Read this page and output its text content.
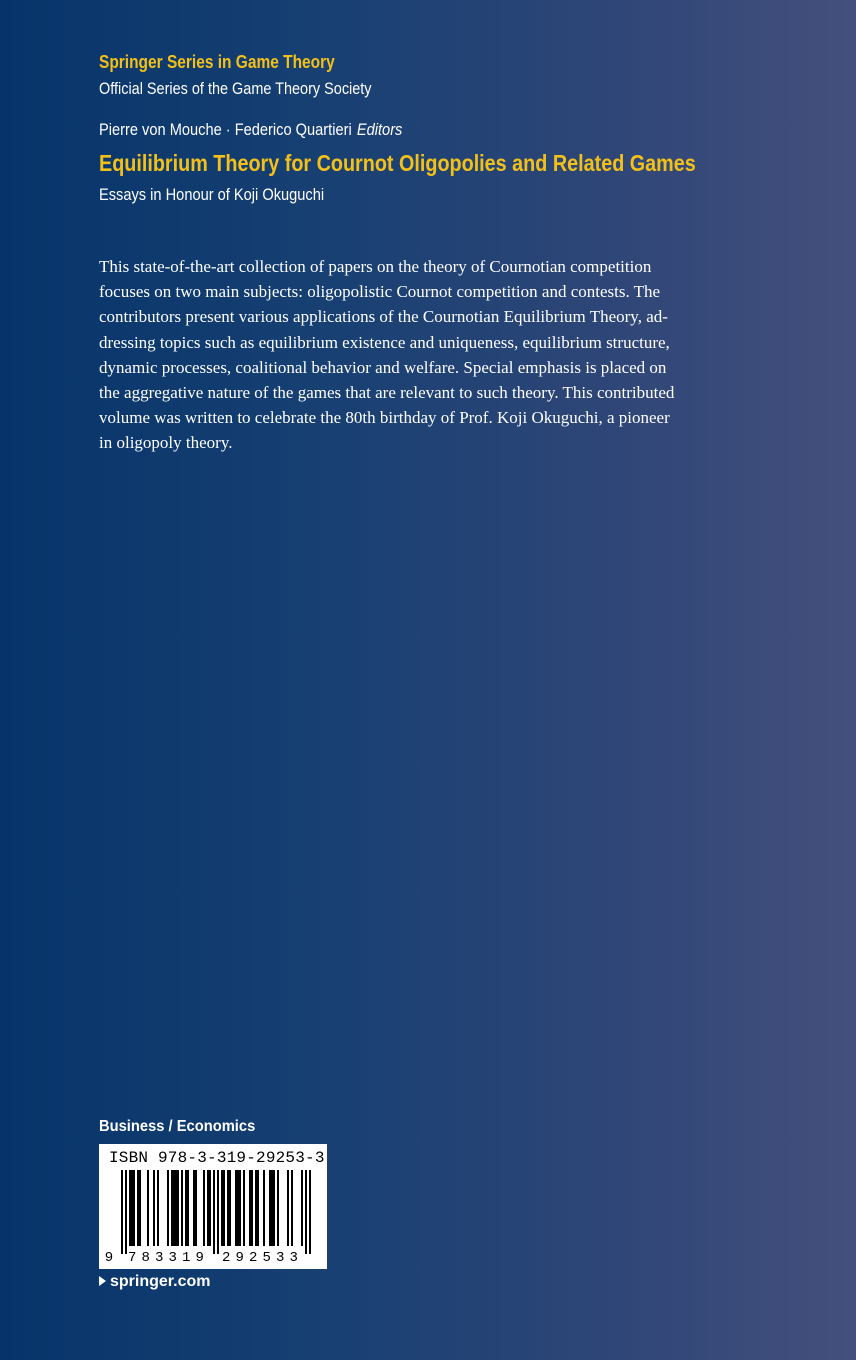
Springer Series in Game Theory
Official Series of the Game Theory Society
Pierre von Mouche · Federico Quartieri Editors
Equilibrium Theory for Cournot Oligopolies and Related Games
Essays in Honour of Koji Okuguchi
This state-of-the-art collection of papers on the theory of Cournotian competition
focuses on two main subjects: oligopolistic Cournot competition and contests. The
contributors present various applications of the Cournotian Equilibrium Theory, ad-
dressing topics such as equilibrium existence and uniqueness, equilibrium structure,
dynamic processes, coalitional behavior and welfare. Special emphasis is placed on
the aggregative nature of the games that are relevant to such theory. This contributed
volume was written to celebrate the 80th birthday of Prof. Koji Okuguchi, a pioneer
in oligopoly theory.
Business / Economics
9 783319 292533
ISBN 978-3-319-29253-3
springer.com
